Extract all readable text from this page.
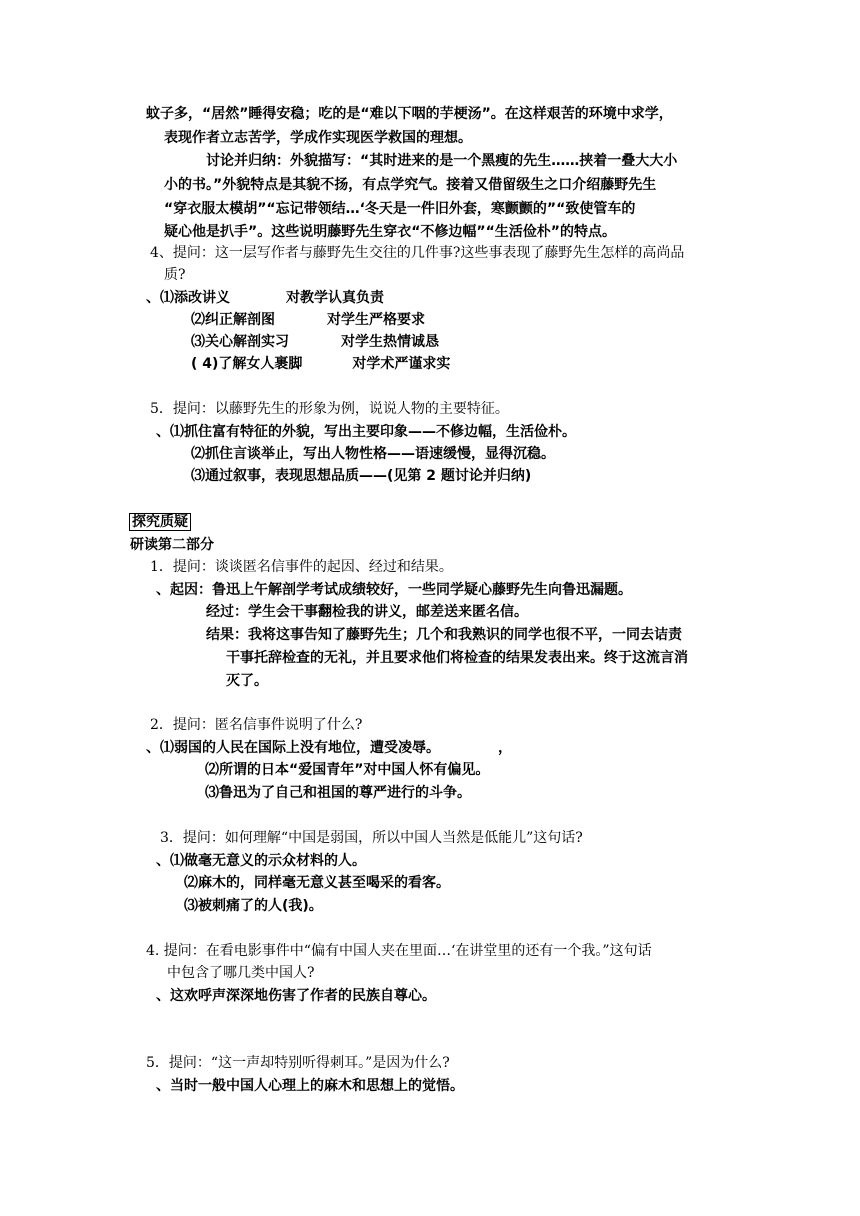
蚊子多，“居然”睡得安稳；吃的是“难以下咽的芋梗汤”。在这样艰苦的环境中求学，
表现作者立志苦学，学成作实现医学救国的理想。
讨论并归纳：外貌描写：“其时进来的是一个黑瘦的先生……挟着一叠大大小
小的书。”外貌特点是其貌不扬，有点学究气。接着又借留级生之口介绍藤野先生
“穿衣服太模胡”“忘记带领结…‘冬天是一件旧外套，寒颤颤的”“致使管车的
疑心他是扒手”。这些说明藤野先生穿衣“不修边幅”“生活俭朴”的特点。
4、提问：这一层写作者与藤野先生交往的几件事?这些事表现了藤野先生怎样的高尚品
质?
、⑴添改讲义	对教学认真负责
⑵纠正解剖图	对学生严格要求
⑶关心解剖实习	对学生热情诚恳
( 4)了解女人裹脚	对学术严谨求实
5．提问：以藤野先生的形象为例，说说人物的主要特征。
、⑴抓住富有特征的外貌，写出主要印象——不修边幅，生活俭朴。
⑵抓住言谈举止，写出人物性格——语速缓慢，显得沉稳。
⑶通过叙事，表现思想品质——(见第 2 题讨论并归纳)
探究质疑
研读第二部分
1．提问：谈谈匿名信事件的起因、经过和结果。
、起因：鲁迅上午解剖学考试成绩较好，一些同学疑心藤野先生向鲁迅漏题。
经过：学生会干事翻检我的讲义，邮差送来匿名信。
结果：我将这事告知了藤野先生；几个和我熟识的同学也很不平，一同去诘责
干事托辞检查的无礼，并且要求他们将检查的结果发表出来。终于这流言消
灭了。
2．提问：匿名信事件说明了什么?
、⑴弱国的人民在国际上没有地位，遭受凌辱。	，
⑵所谓的日本“爱国青年”对中国人怀有偏见。
⑶鲁迅为了自己和祖国的尊严进行的斗争。
3．提问：如何理解“中国是弱国，所以中国人当然是低能儿”这句话?
、⑴做毫无意义的示众材料的人。
⑵麻木的，同样毫无意义甚至喝采的看客。
⑶被刺痛了的人(我)。
4. 提问：在看电影事件中“偏有中国人夹在里面…‘在讲堂里的还有一个我。”这句话
中包含了哪几类中国人?
、这欢呼声深深地伤害了作者的民族自尊心。
5．提问：“这一声却特别听得刺耳。”是因为什么?
、当时一般中国人心理上的麻木和思想上的觉悟。
